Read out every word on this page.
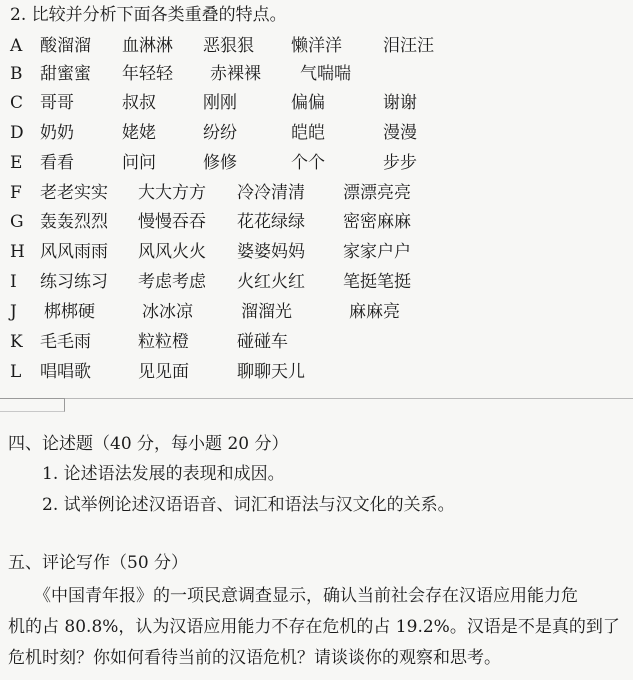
2. 比较并分析下面各类重叠的特点。
A 酸溜溜 血淋淋 恶狠狠 懒洋洋 泪汪汪
B 甜蜜蜜 年轻轻 赤裸裸 气喘喘
C 哥哥	叔叔	刚刚	偏偏	谢谢
D 奶奶	姥姥	纷纷	皑皑	漫漫
E 看看	问问	修修	个个	步步
F 老老实实 大大方方 冷冷清清 漂漂亮亮
G 轰轰烈烈 慢慢吞吞 花花绿绿 密密麻麻
H 风风雨雨 风风火火 婆婆妈妈 家家户户
I 练习练习 考虑考虑 火红火红 笔挺笔挺
J 梆梆硬	冰冰凉	溜溜光	麻麻亮
K 毛毛雨	粒粒橙	碰碰车
L 唱唱歌	见见面	聊聊天儿
四、论述题（40 分，每小题 20 分）
1. 论述语法发展的表现和成因。
2. 试举例论述汉语语音、词汇和语法与汉文化的关系。
五、评论写作（50 分）
《中国青年报》的一项民意调查显示，确认当前社会存在汉语应用能力危
机的占 80.8%，认为汉语应用能力不存在危机的占 19.2%。汉语是不是真的到了
危机时刻？你如何看待当前的汉语危机？请谈谈你的观察和思考。
